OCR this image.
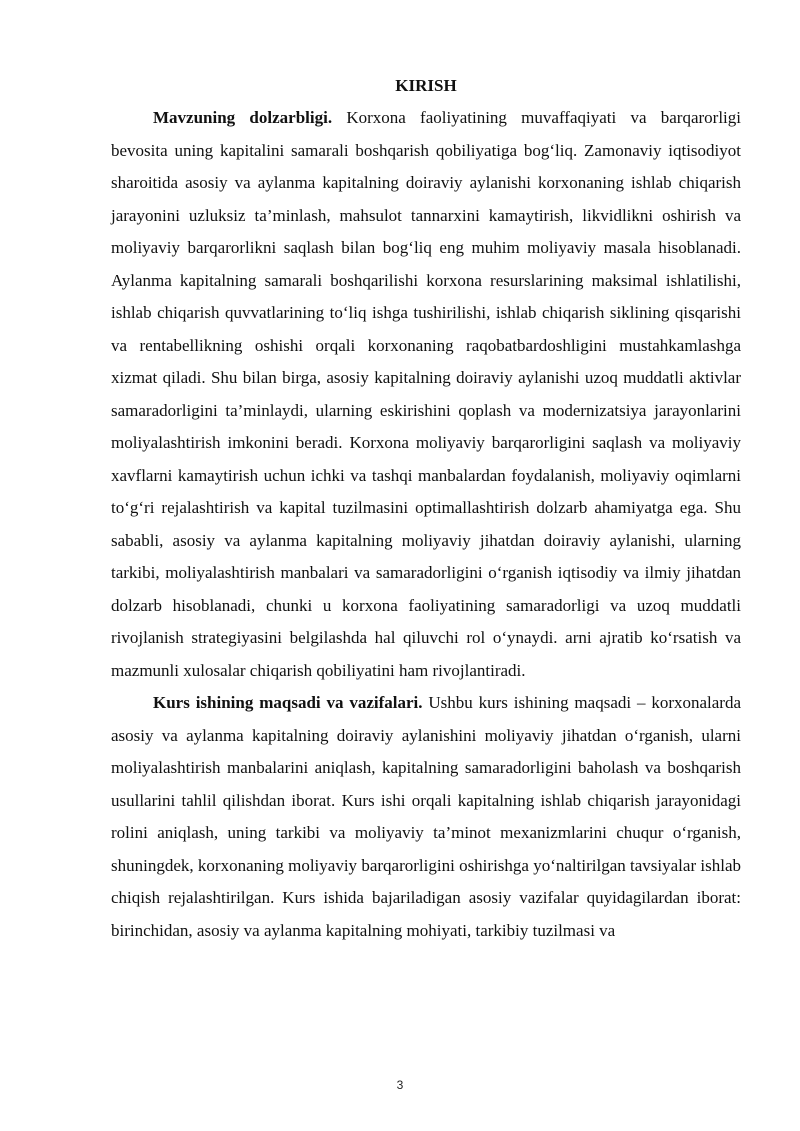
KIRISH

Mavzuning dolzarbligi. Korxona faoliyatining muvaffaqiyati va barqarorligi bevosita uning kapitalini samarali boshqarish qobiliyatiga bog‘liq. Zamonaviy iqtisodiyot sharoitida asosiy va aylanma kapitalning doiraviy aylanishi korxonaning ishlab chiqarish jarayonini uzluksiz ta’minlash, mahsulot tannarxini kamaytirish, likvidlikni oshirish va moliyaviy barqarorlikni saqlash bilan bog‘liq eng muhim moliyaviy masala hisoblanadi. Aylanma kapitalning samarali boshqarilishi korxona resurslarining maksimal ishlatilishi, ishlab chiqarish quvvatlarining to‘liq ishga tushirilishi, ishlab chiqarish siklining qisqarishi va rentabellikning oshishi orqali korxonaning raqobatbardoshligini mustahkamlashga xizmat qiladi. Shu bilan birga, asosiy kapitalning doiraviy aylanishi uzoq muddatli aktivlar samaradorligini ta’minlaydi, ularning eskirishini qoplash va modernizatsiya jarayonlarini moliyalashtirish imkonini beradi. Korxona moliyaviy barqarorligini saqlash va moliyaviy xavflarni kamaytirish uchun ichki va tashqi manbalardan foydalanish, moliyaviy oqimlarni to‘g‘ri rejalashtirish va kapital tuzilmasini optimallashtirish dolzarb ahamiyatga ega. Shu sababli, asosiy va aylanma kapitalning moliyaviy jihatdan doiraviy aylanishi, ularning tarkibi, moliyalashtirish manbalari va samaradorligini o‘rganish iqtisodiy va ilmiy jihatdan dolzarb hisoblanadi, chunki u korxona faoliyatining samaradorligi va uzoq muddatli rivojlanish strategiyasini belgilashda hal qiluvchi rol o‘ynaydi. arni ajratib ko‘rsatish va mazmunli xulosalar chiqarish qobiliyatini ham rivojlantiradi.

Kurs ishining maqsadi va vazifalari. Ushbu kurs ishining maqsadi – korxonalarda asosiy va aylanma kapitalning doiraviy aylanishini moliyaviy jihatdan o‘rganish, ularni moliyalashtirish manbalarini aniqlash, kapitalning samaradorligini baholash va boshqarish usullarini tahlil qilishdan iborat. Kurs ishi orqali kapitalning ishlab chiqarish jarayonidagi rolini aniqlash, uning tarkibi va moliyaviy ta’minot mexanizmlarini chuqur o‘rganish, shuningdek, korxonaning moliyaviy barqarorligini oshirishga yo‘naltirilgan tavsiyalar ishlab chiqish rejalashtirilgan. Kurs ishida bajariladigan asosiy vazifalar quyidagilardan iborat: birinchidan, asosiy va aylanma kapitalning mohiyati, tarkibiy tuzilmasi va

3
